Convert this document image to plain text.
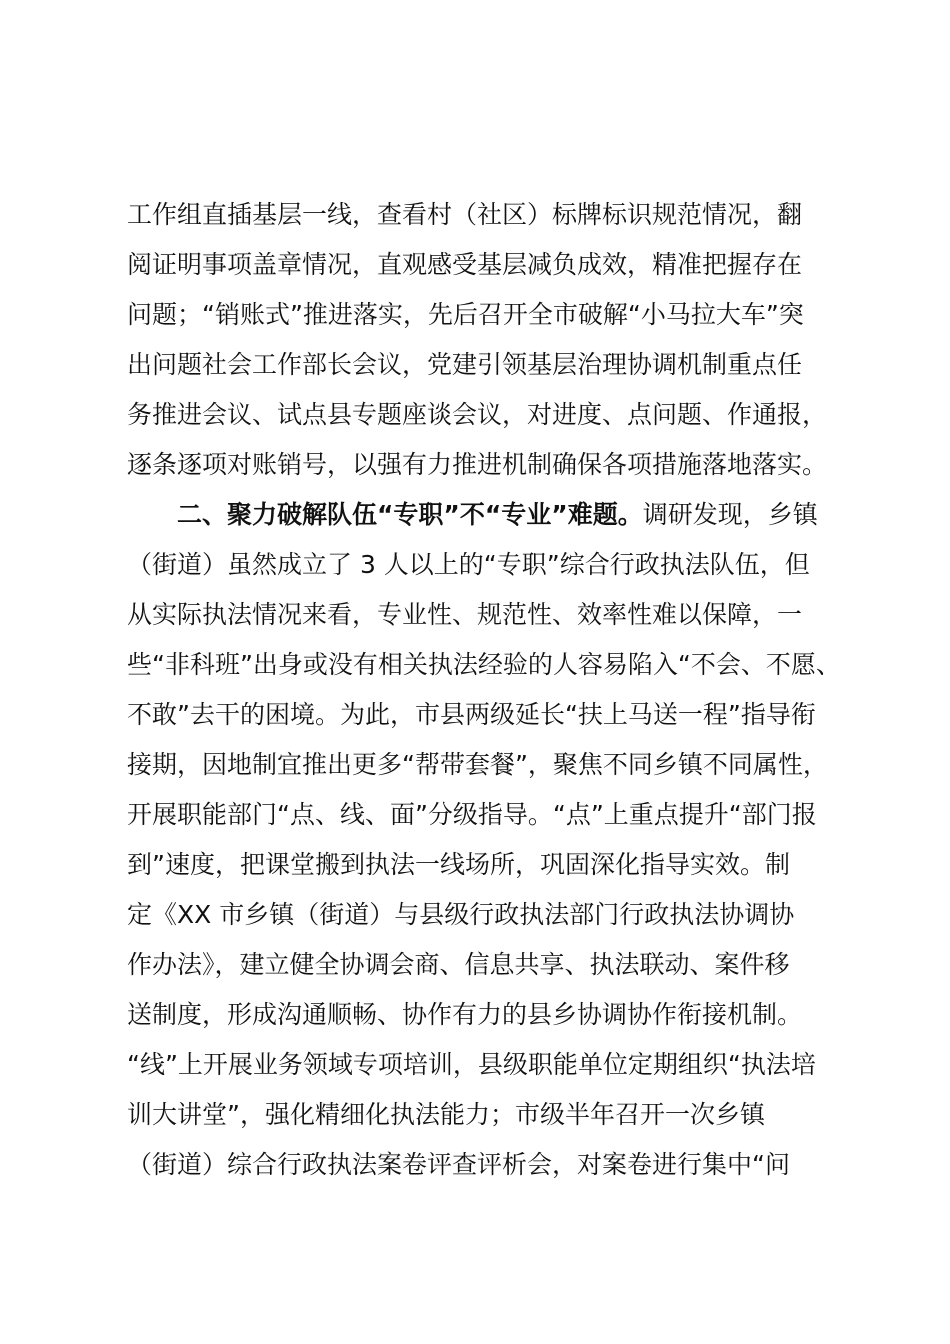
工作组直插基层一线，查看村（社区）标牌标识规范情况，翻
阅证明事项盖章情况，直观感受基层减负成效，精准把握存在
问题；“销账式”推进落实，先后召开全市破解“小马拉大车”突
出问题社会工作部长会议，党建引领基层治理协调机制重点任
务推进会议、试点县专题座谈会议，对进度、点问题、作通报，
逐条逐项对账销号，以强有力推进机制确保各项措施落地落实。
二、聚力破解队伍“专职”不“专业”难题。调研发现，乡镇
（街道）虽然成立了 3 人以上的“专职”综合行政执法队伍，但
从实际执法情况来看，专业性、规范性、效率性难以保障，一
些“非科班”出身或没有相关执法经验的人容易陷入“不会、不愿、
不敢”去干的困境。为此，市县两级延长“扶上马送一程”指导衔
接期，因地制宜推出更多“帮带套餐”，聚焦不同乡镇不同属性，
开展职能部门“点、线、面”分级指导。“点”上重点提升“部门报
到”速度，把课堂搬到执法一线场所，巩固深化指导实效。制
定《XX 市乡镇（街道）与县级行政执法部门行政执法协调协
作办法》，建立健全协调会商、信息共享、执法联动、案件移
送制度，形成沟通顺畅、协作有力的县乡协调协作衔接机制。
“线”上开展业务领域专项培训，县级职能单位定期组织“执法培
训大讲堂”，强化精细化执法能力；市级半年召开一次乡镇
（街道）综合行政执法案卷评查评析会，对案卷进行集中“问
